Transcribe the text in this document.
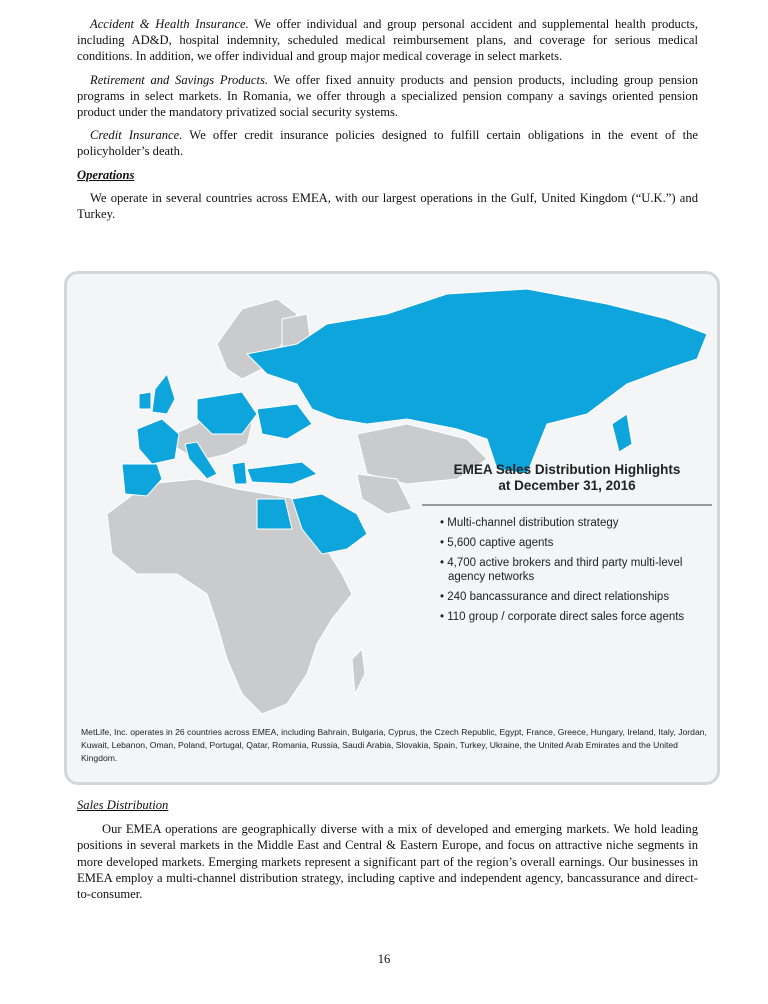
Accident & Health Insurance. We offer individual and group personal accident and supplemental health products, including AD&D, hospital indemnity, scheduled medical reimbursement plans, and coverage for serious medical conditions. In addition, we offer individual and group major medical coverage in select markets.

Retirement and Savings Products. We offer fixed annuity products and pension products, including group pension programs in select markets. In Romania, we offer through a specialized pension company a savings oriented pension product under the mandatory privatized social security systems.

Credit Insurance. We offer credit insurance policies designed to fulfill certain obligations in the event of the policyholder’s death.

Operations

We operate in several countries across EMEA, with our largest operations in the Gulf, United Kingdom (“U.K.”) and Turkey.

EMEA Sales Distribution Highlights
at December 31, 2016
• Multi-channel distribution strategy
• 5,600 captive agents
• 4,700 active brokers and third party multi-level agency networks
• 240 bancassurance and direct relationships
• 110 group / corporate direct sales force agents
MetLife, Inc. operates in 26 countries across EMEA, including Bahrain, Bulgaria, Cyprus, the Czech Republic, Egypt, France, Greece, Hungary, Ireland, Italy, Jordan, Kuwait, Lebanon, Oman, Poland, Portugal, Qatar, Romania, Russia, Saudi Arabia, Slovakia, Spain, Turkey, Ukraine, the United Arab Emirates and the United Kingdom.
Sales Distribution

Our EMEA operations are geographically diverse with a mix of developed and emerging markets. We hold leading positions in several markets in the Middle East and Central & Eastern Europe, and focus on attractive niche segments in more developed markets. Emerging markets represent a significant part of the region’s overall earnings. Our businesses in EMEA employ a multi-channel distribution strategy, including captive and independent agency, bancassurance and direct-to-consumer.

16
